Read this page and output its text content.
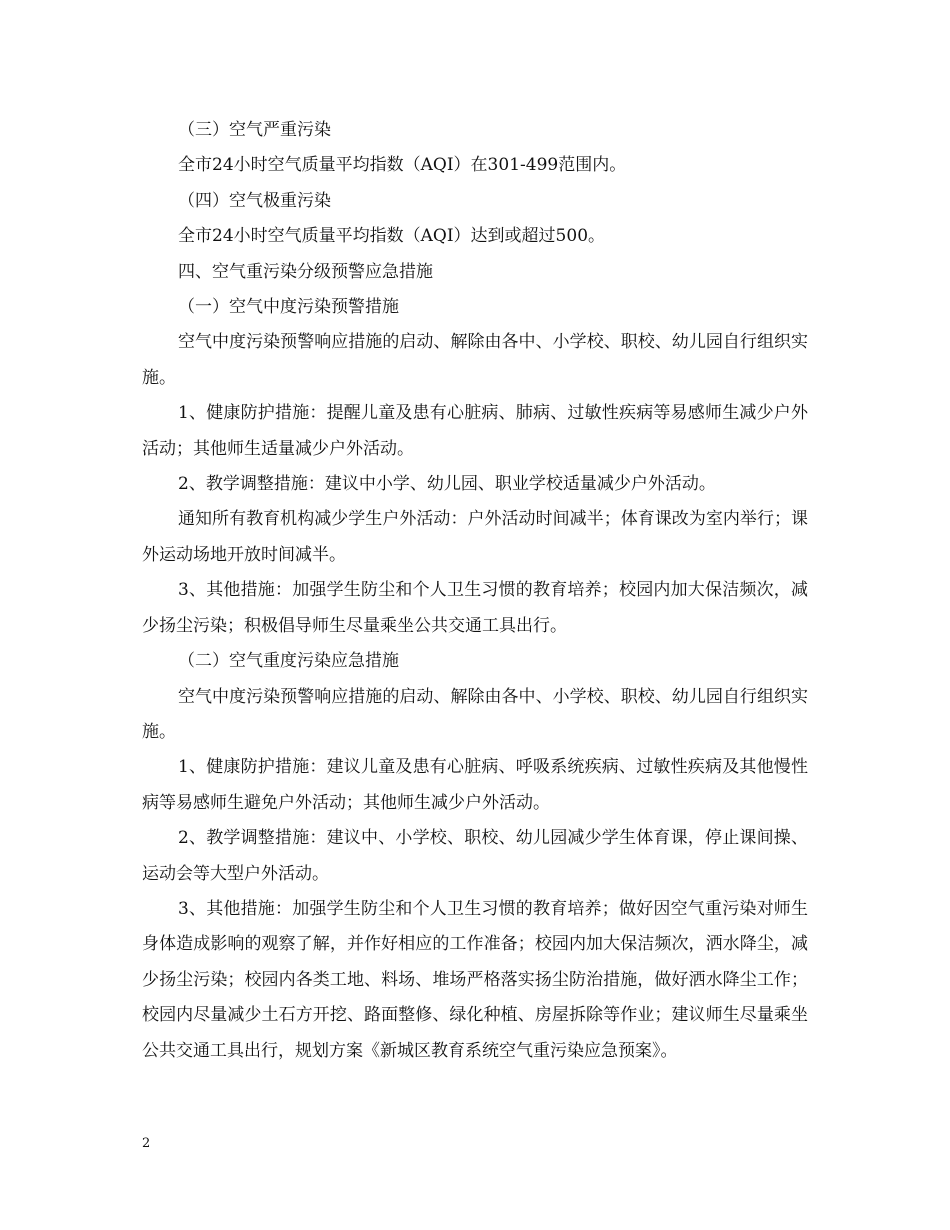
（三）空气严重污染

全市24小时空气质量平均指数（AQI）在301-499范围内。

（四）空气极重污染

全市24小时空气质量平均指数（AQI）达到或超过500。

四、空气重污染分级预警应急措施

（一）空气中度污染预警措施

空气中度污染预警响应措施的启动、解除由各中、小学校、职校、幼儿园自行组织实施。

1、健康防护措施：提醒儿童及患有心脏病、肺病、过敏性疾病等易感师生减少户外活动；其他师生适量减少户外活动。

2、教学调整措施：建议中小学、幼儿园、职业学校适量减少户外活动。

通知所有教育机构减少学生户外活动：户外活动时间减半；体育课改为室内举行；课外运动场地开放时间减半。

3、其他措施：加强学生防尘和个人卫生习惯的教育培养；校园内加大保洁频次，减少扬尘污染；积极倡导师生尽量乘坐公共交通工具出行。

（二）空气重度污染应急措施

空气中度污染预警响应措施的启动、解除由各中、小学校、职校、幼儿园自行组织实施。

1、健康防护措施：建议儿童及患有心脏病、呼吸系统疾病、过敏性疾病及其他慢性病等易感师生避免户外活动；其他师生减少户外活动。

2、教学调整措施：建议中、小学校、职校、幼儿园减少学生体育课，停止课间操、运动会等大型户外活动。

3、其他措施：加强学生防尘和个人卫生习惯的教育培养；做好因空气重污染对师生身体造成影响的观察了解，并作好相应的工作准备；校园内加大保洁频次，洒水降尘，减少扬尘污染；校园内各类工地、料场、堆场严格落实扬尘防治措施，做好洒水降尘工作；校园内尽量减少土石方开挖、路面整修、绿化种植、房屋拆除等作业；建议师生尽量乘坐公共交通工具出行，规划方案《新城区教育系统空气重污染应急预案》。

2
